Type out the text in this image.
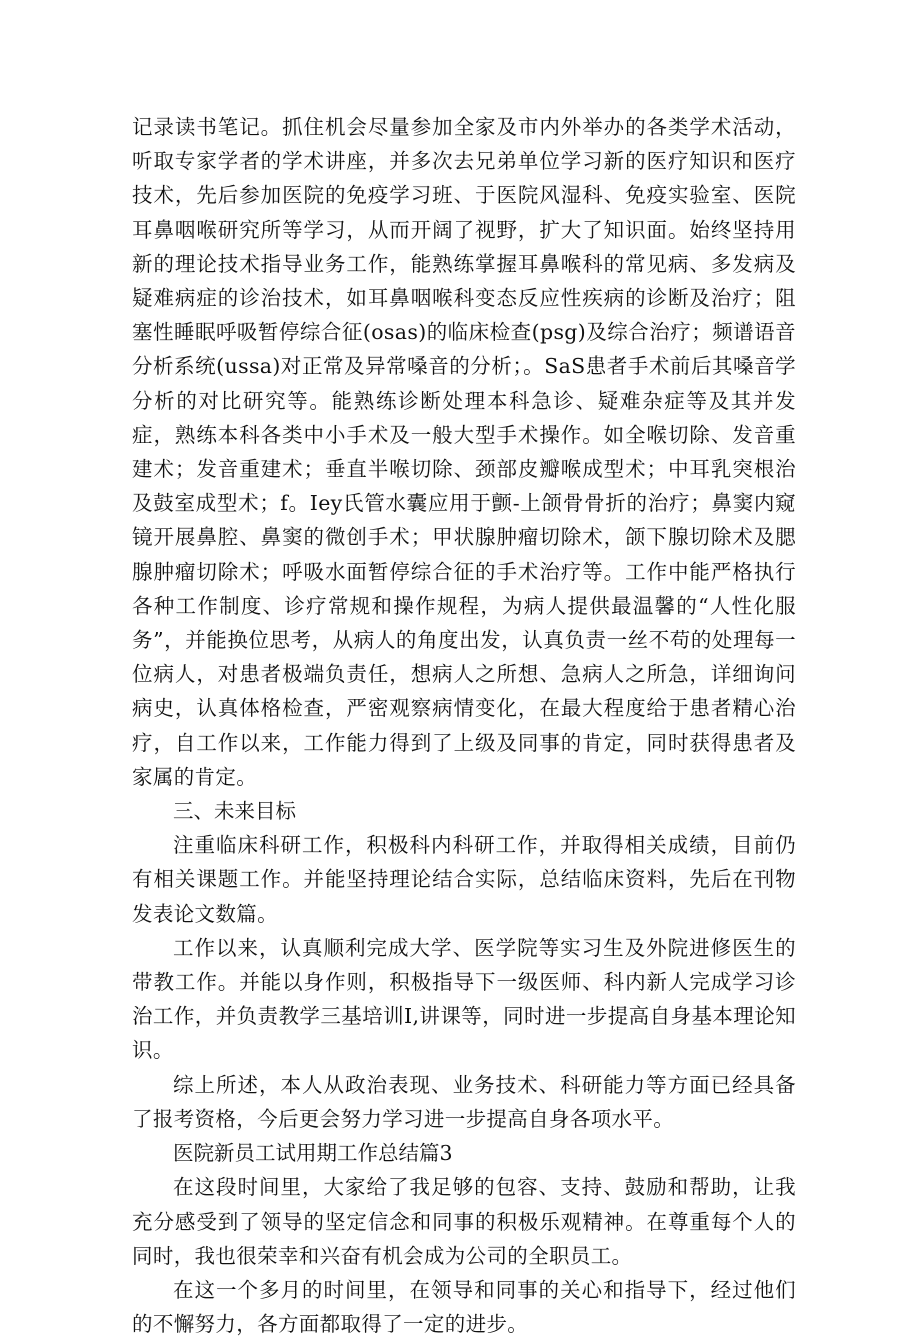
记录读书笔记。抓住机会尽量参加全家及市内外举办的各类学术活动，听取专家学者的学术讲座，并多次去兄弟单位学习新的医疗知识和医疗技术，先后参加医院的免疫学习班、于医院风湿科、免疫实验室、医院耳鼻咽喉研究所等学习，从而开阔了视野，扩大了知识面。始终坚持用新的理论技术指导业务工作，能熟练掌握耳鼻喉科的常见病、多发病及疑难病症的诊治技术，如耳鼻咽喉科变态反应性疾病的诊断及治疗；阻塞性睡眠呼吸暂停综合征(osas)的临床检查(psg)及综合治疗；频谱语音分析系统(ussa)对正常及异常嗓音的分析；。SaS患者手术前后其嗓音学分析的对比研究等。能熟练诊断处理本科急诊、疑难杂症等及其并发症，熟练本科各类中小手术及一般大型手术操作。如全喉切除、发音重建术；发音重建术；垂直半喉切除、颈部皮瓣喉成型术；中耳乳突根治及鼓室成型术；f。Iey氏管水囊应用于颤-上颌骨骨折的治疗；鼻窦内窥镜开展鼻腔、鼻窦的微创手术；甲状腺肿瘤切除术，颌下腺切除术及腮腺肿瘤切除术；呼吸水面暂停综合征的手术治疗等。工作中能严格执行各种工作制度、诊疗常规和操作规程，为病人提供最温馨的“人性化服务”，并能换位思考，从病人的角度出发，认真负责一丝不苟的处理每一位病人，对患者极端负责任，想病人之所想、急病人之所急，详细询问病史，认真体格检查，严密观察病情变化，在最大程度给于患者精心治疗，自工作以来，工作能力得到了上级及同事的肯定，同时获得患者及家属的肯定。

三、未来目标

注重临床科研工作，积极科内科研工作，并取得相关成绩，目前仍有相关课题工作。并能坚持理论结合实际，总结临床资料，先后在刊物发表论文数篇。

工作以来，认真顺利完成大学、医学院等实习生及外院进修医生的带教工作。并能以身作则，积极指导下一级医师、科内新人完成学习诊治工作，并负责教学三基培训I,讲课等，同时进一步提高自身基本理论知识。

综上所述，本人从政治表现、业务技术、科研能力等方面已经具备了报考资格，今后更会努力学习进一步提高自身各项水平。

医院新员工试用期工作总结篇3

在这段时间里，大家给了我足够的包容、支持、鼓励和帮助，让我充分感受到了领导的坚定信念和同事的积极乐观精神。在尊重每个人的同时，我也很荣幸和兴奋有机会成为公司的全职员工。

在这一个多月的时间里，在领导和同事的关心和指导下，经过他们的不懈努力，各方面都取得了一定的进步。
